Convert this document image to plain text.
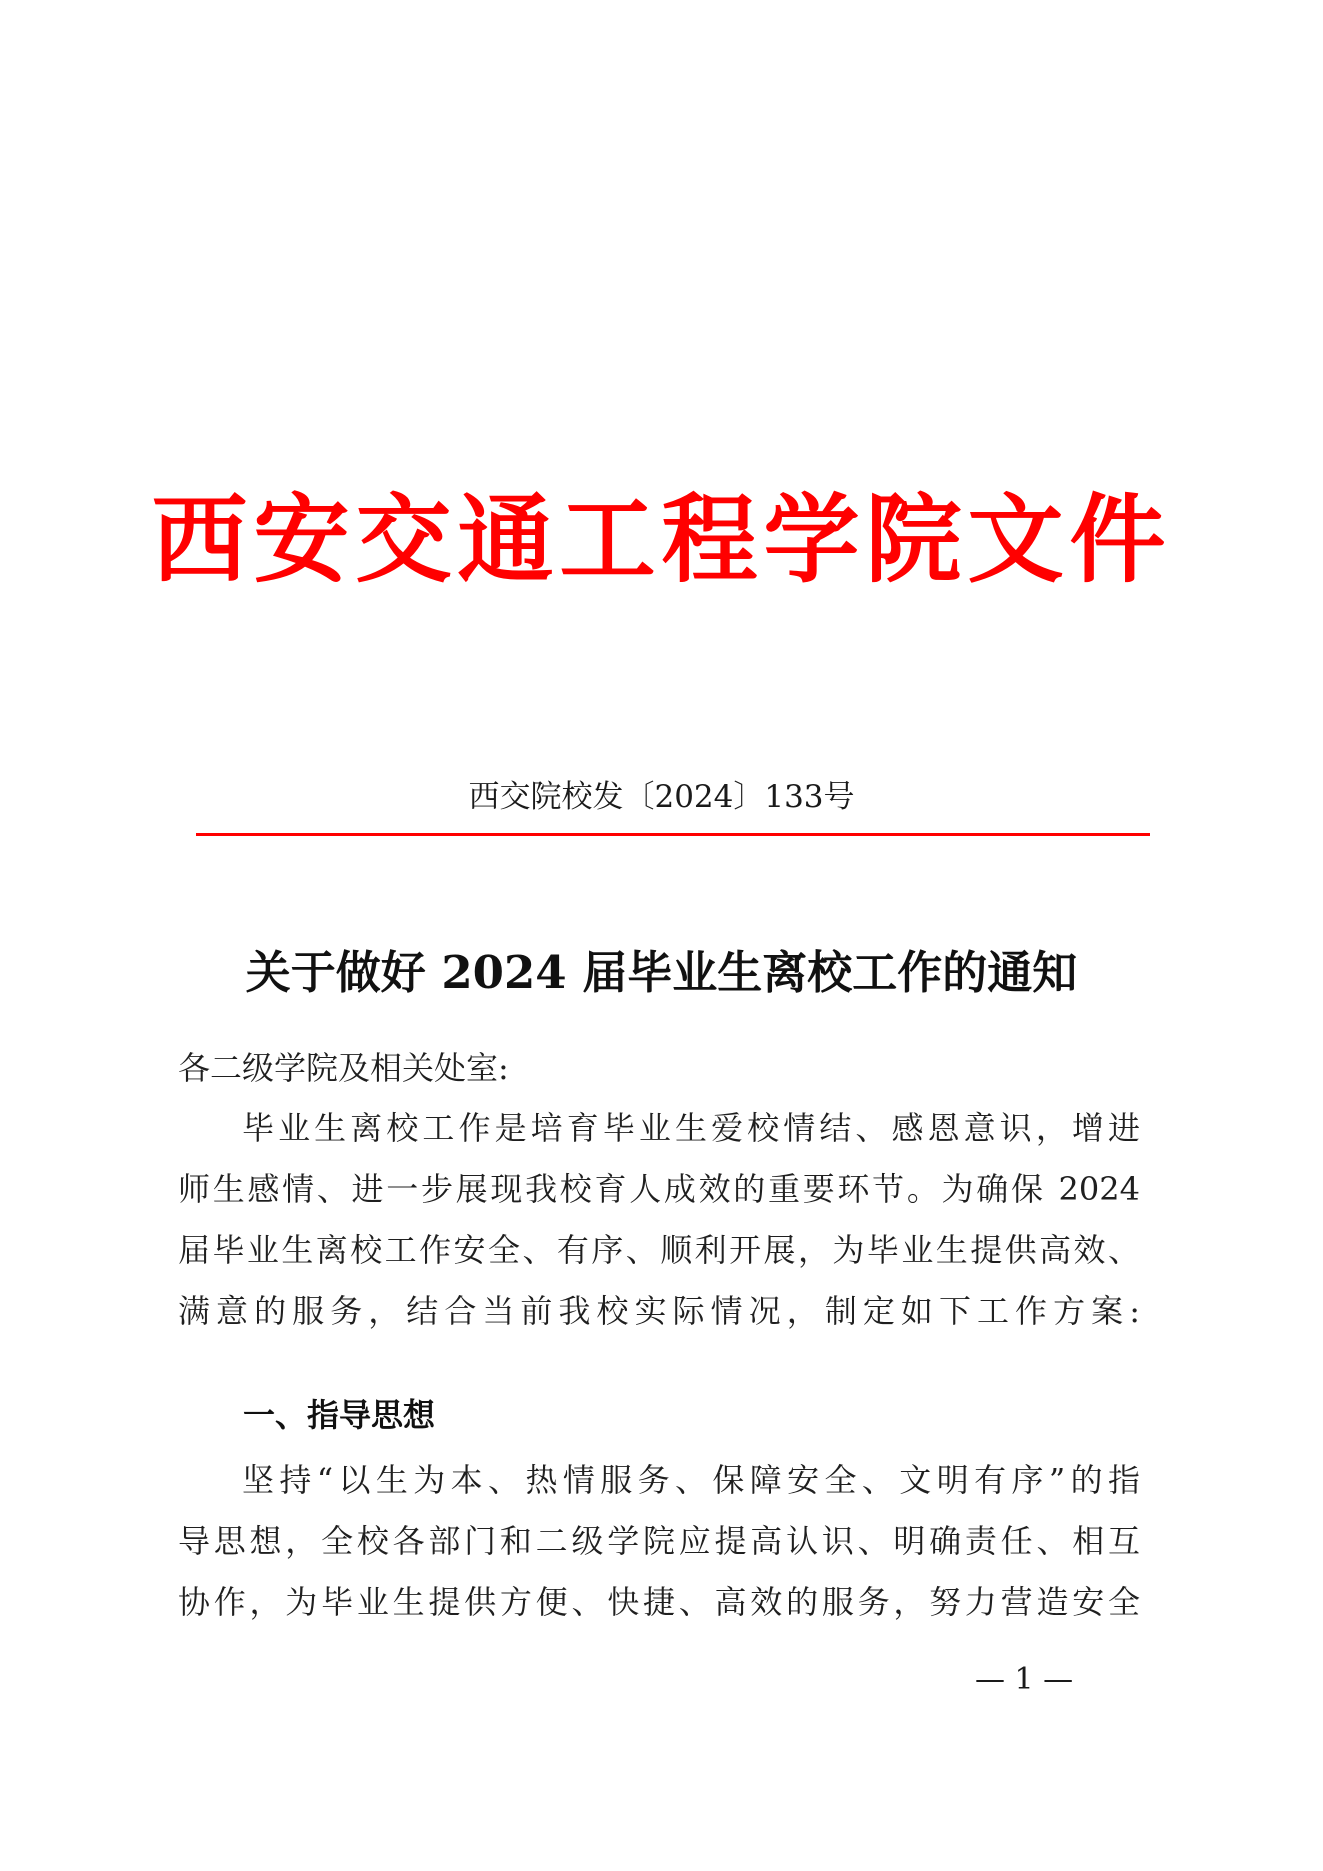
西安交通工程学院文件
西交院校发〔2024〕133号
关于做好 2024 届毕业生离校工作的通知
各二级学院及相关处室:
毕业生离校工作是培育毕业生爱校情结、感恩意识，增进
师生感情、进一步展现我校育人成效的重要环节。为确保 2024
届毕业生离校工作安全、有序、顺利开展，为毕业生提供高效、
满意的服务，结合当前我校实际情况，制定如下工作方案:
一、指导思想
坚持“以生为本、热情服务、保障安全、文明有序”的指
导思想，全校各部门和二级学院应提高认识、明确责任、相互
协作，为毕业生提供方便、快捷、高效的服务，努力营造安全
— 1 —
